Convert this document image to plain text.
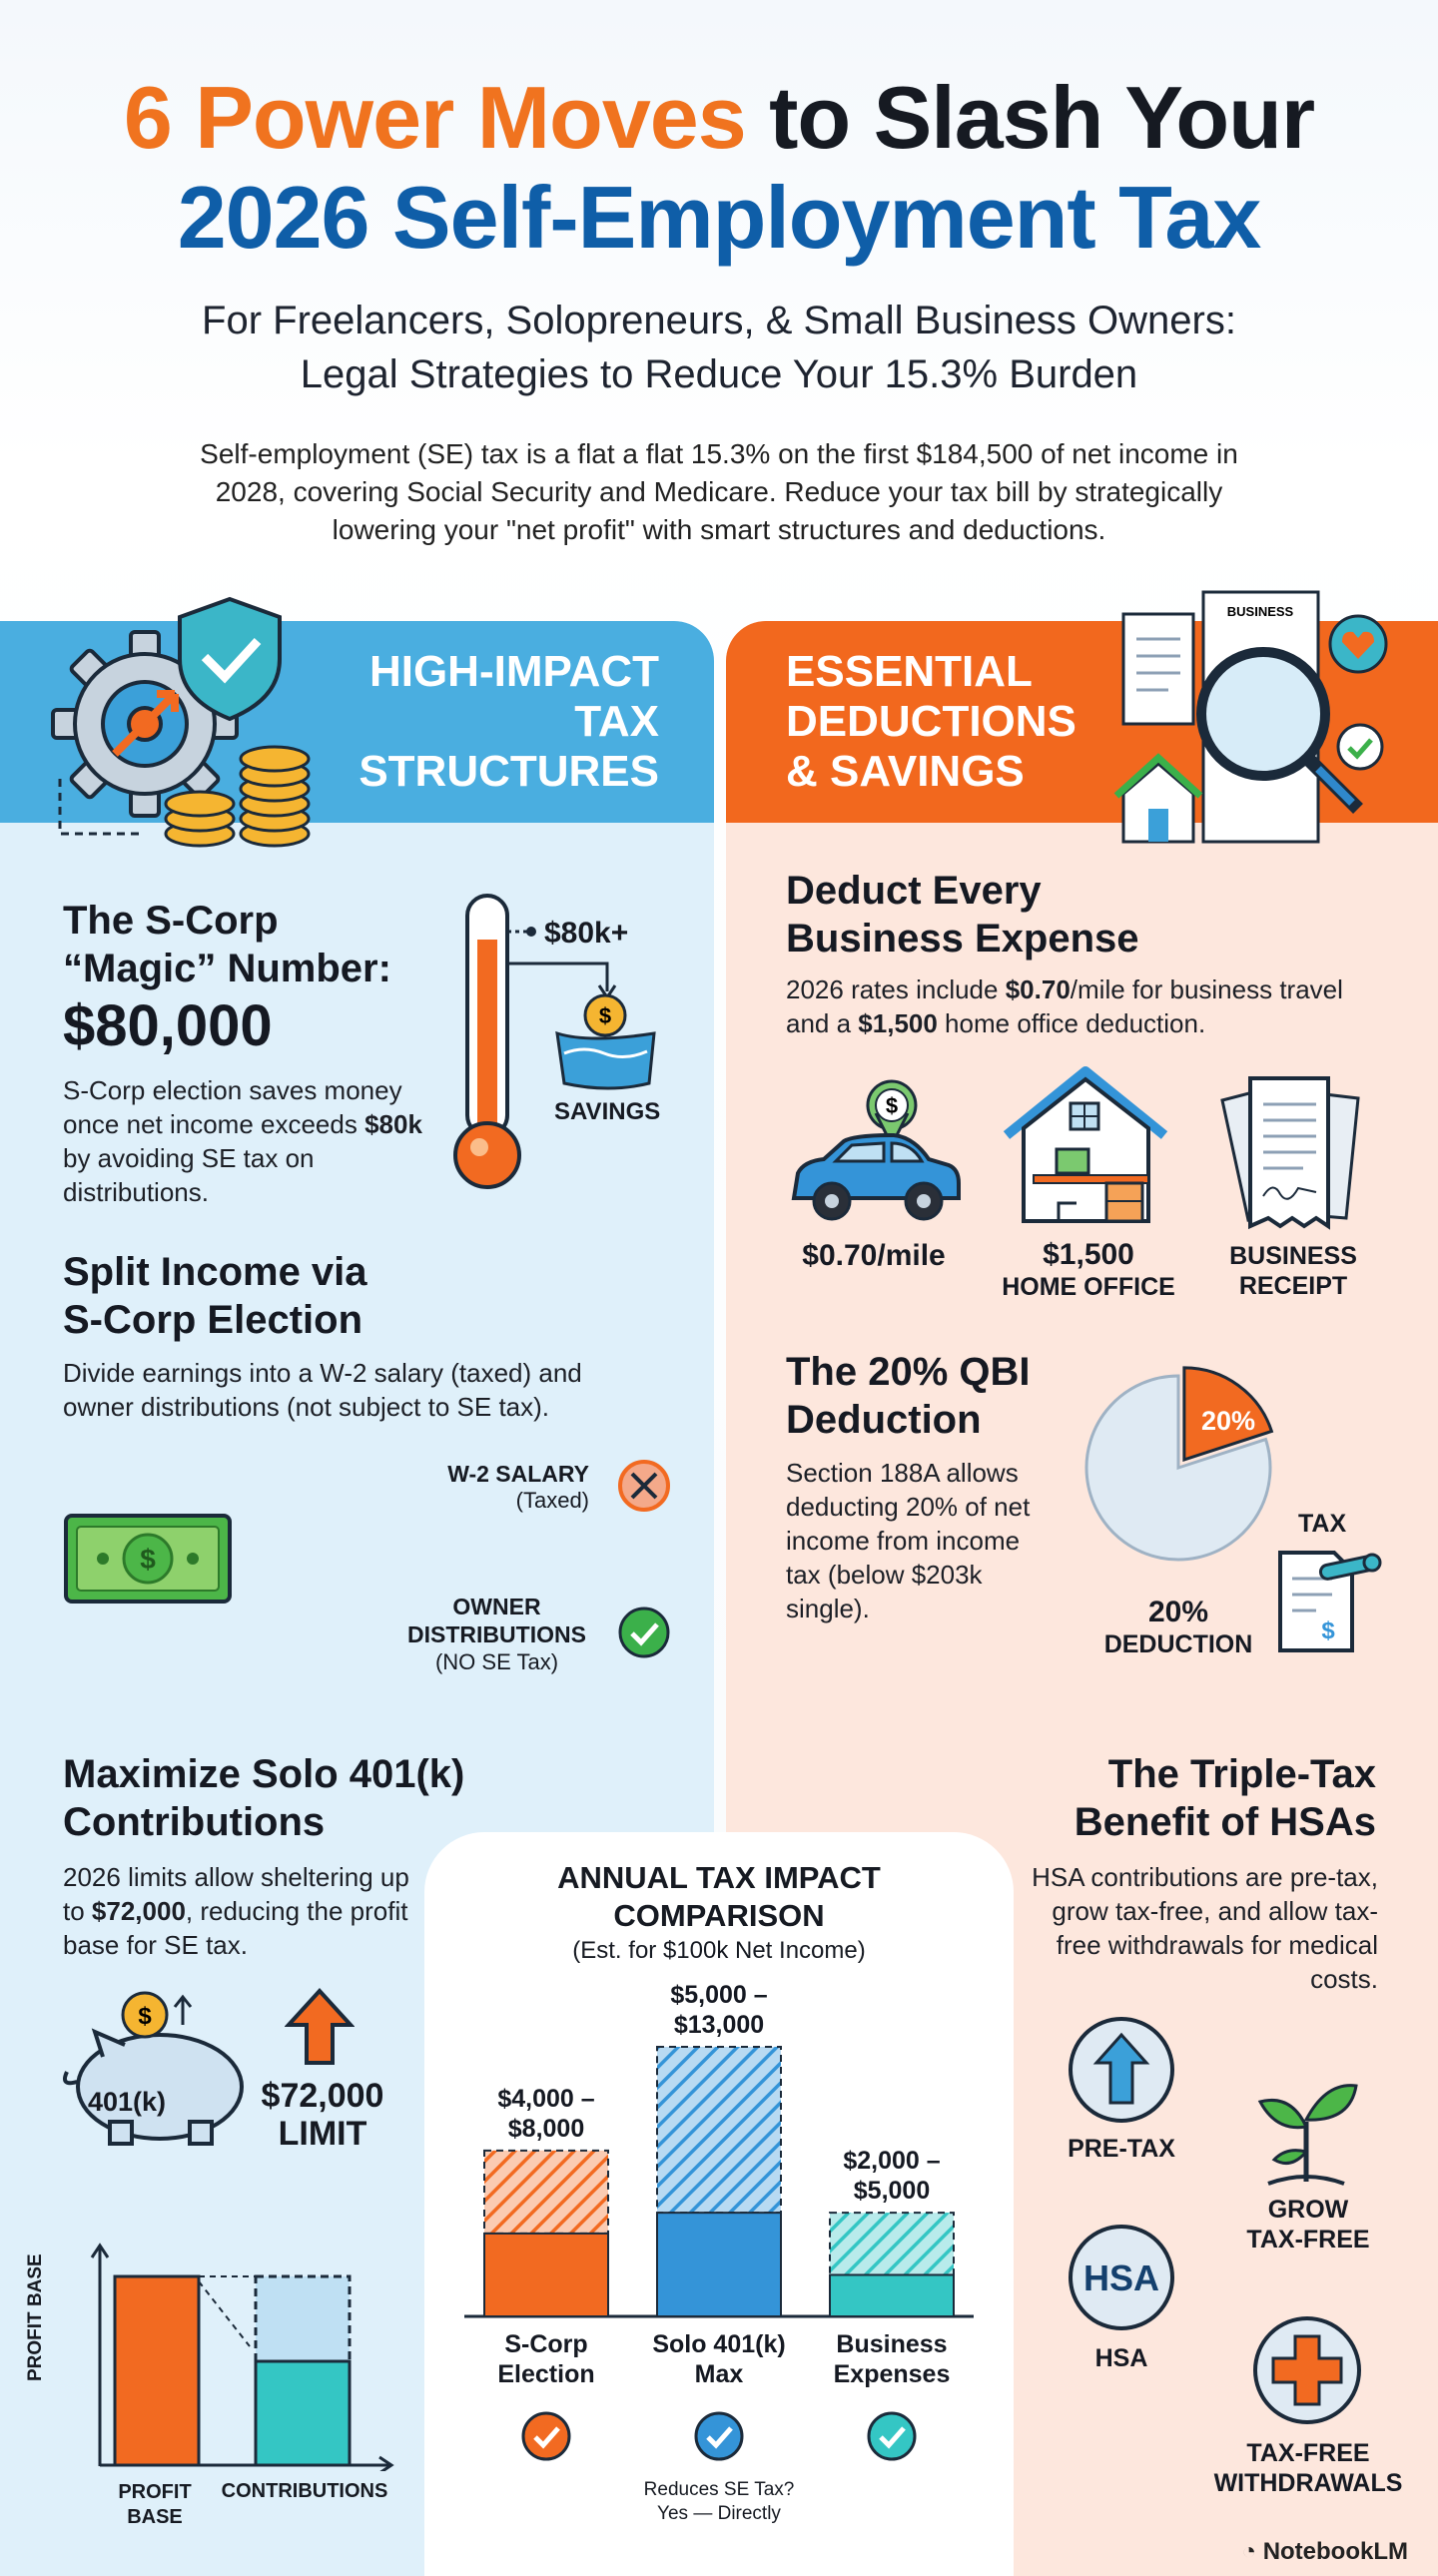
6 Power Moves to Slash Your
2026 Self-Employment Tax
For Freelancers, Solopreneurs, & Small Business Owners:
Legal Strategies to Reduce Your 15.3% Burden
Self-employment (SE) tax is a flat a flat 15.3% on the first $184,500 of net income in 2028, covering Social Security and Medicare. Reduce your tax bill by strategically lowering your "net profit" with smart structures and deductions.
HIGH-IMPACT
TAX
STRUCTURES
ESSENTIAL
DEDUCTIONS
& SAVINGS
BUSINESS
The S-Corp
“Magic” Number:
$80,000
S-Corp election saves money once net income exceeds $80k by avoiding SE tax on distributions.
$
$80k+
SAVINGS
Split Income via
S-Corp Election
Divide earnings into a W-2 salary (taxed) and owner distributions (not subject to SE tax).
$
W-2 SALARY
(Taxed)
OWNER
DISTRIBUTIONS
(NO SE Tax)
Maximize Solo 401(k)
Contributions
2026 limits allow sheltering up to $72,000, reducing the profit base for SE tax.
$
401(k)	$72,000
LIMIT
PROFIT BASE
PROFIT
BASE
CONTRIBUTIONS
Deduct Every
Business Expense
2026 rates include $0.70/mile for business travel and a $1,500 home office deduction.
$
$0.70/mile	$1,500
HOME OFFICE
BUSINESS
RECEIPT
The 20% QBI
Deduction
Section 188A allows deducting 20% of net income from income tax (below $203k single).
20%
20%
DEDUCTION
TAX
$
The Triple-Tax
Benefit of HSAs
HSA contributions are pre-tax, grow tax-free, and allow tax-free withdrawals for medical costs.
PRE-TAX
GROW
TAX-FREE
HSA
HSA
TAX-FREE
WITHDRAWALS
ANNUAL TAX IMPACT
COMPARISON
(Est. for $100k Net Income)
$4,000 –
$8,000
S-Corp
Election
$5,000 –
$13,000
Solo 401(k)
Max
$2,000 –
$5,000
Business
Expenses
Reduces SE Tax?
Yes — Directly
◔ NotebookLM
